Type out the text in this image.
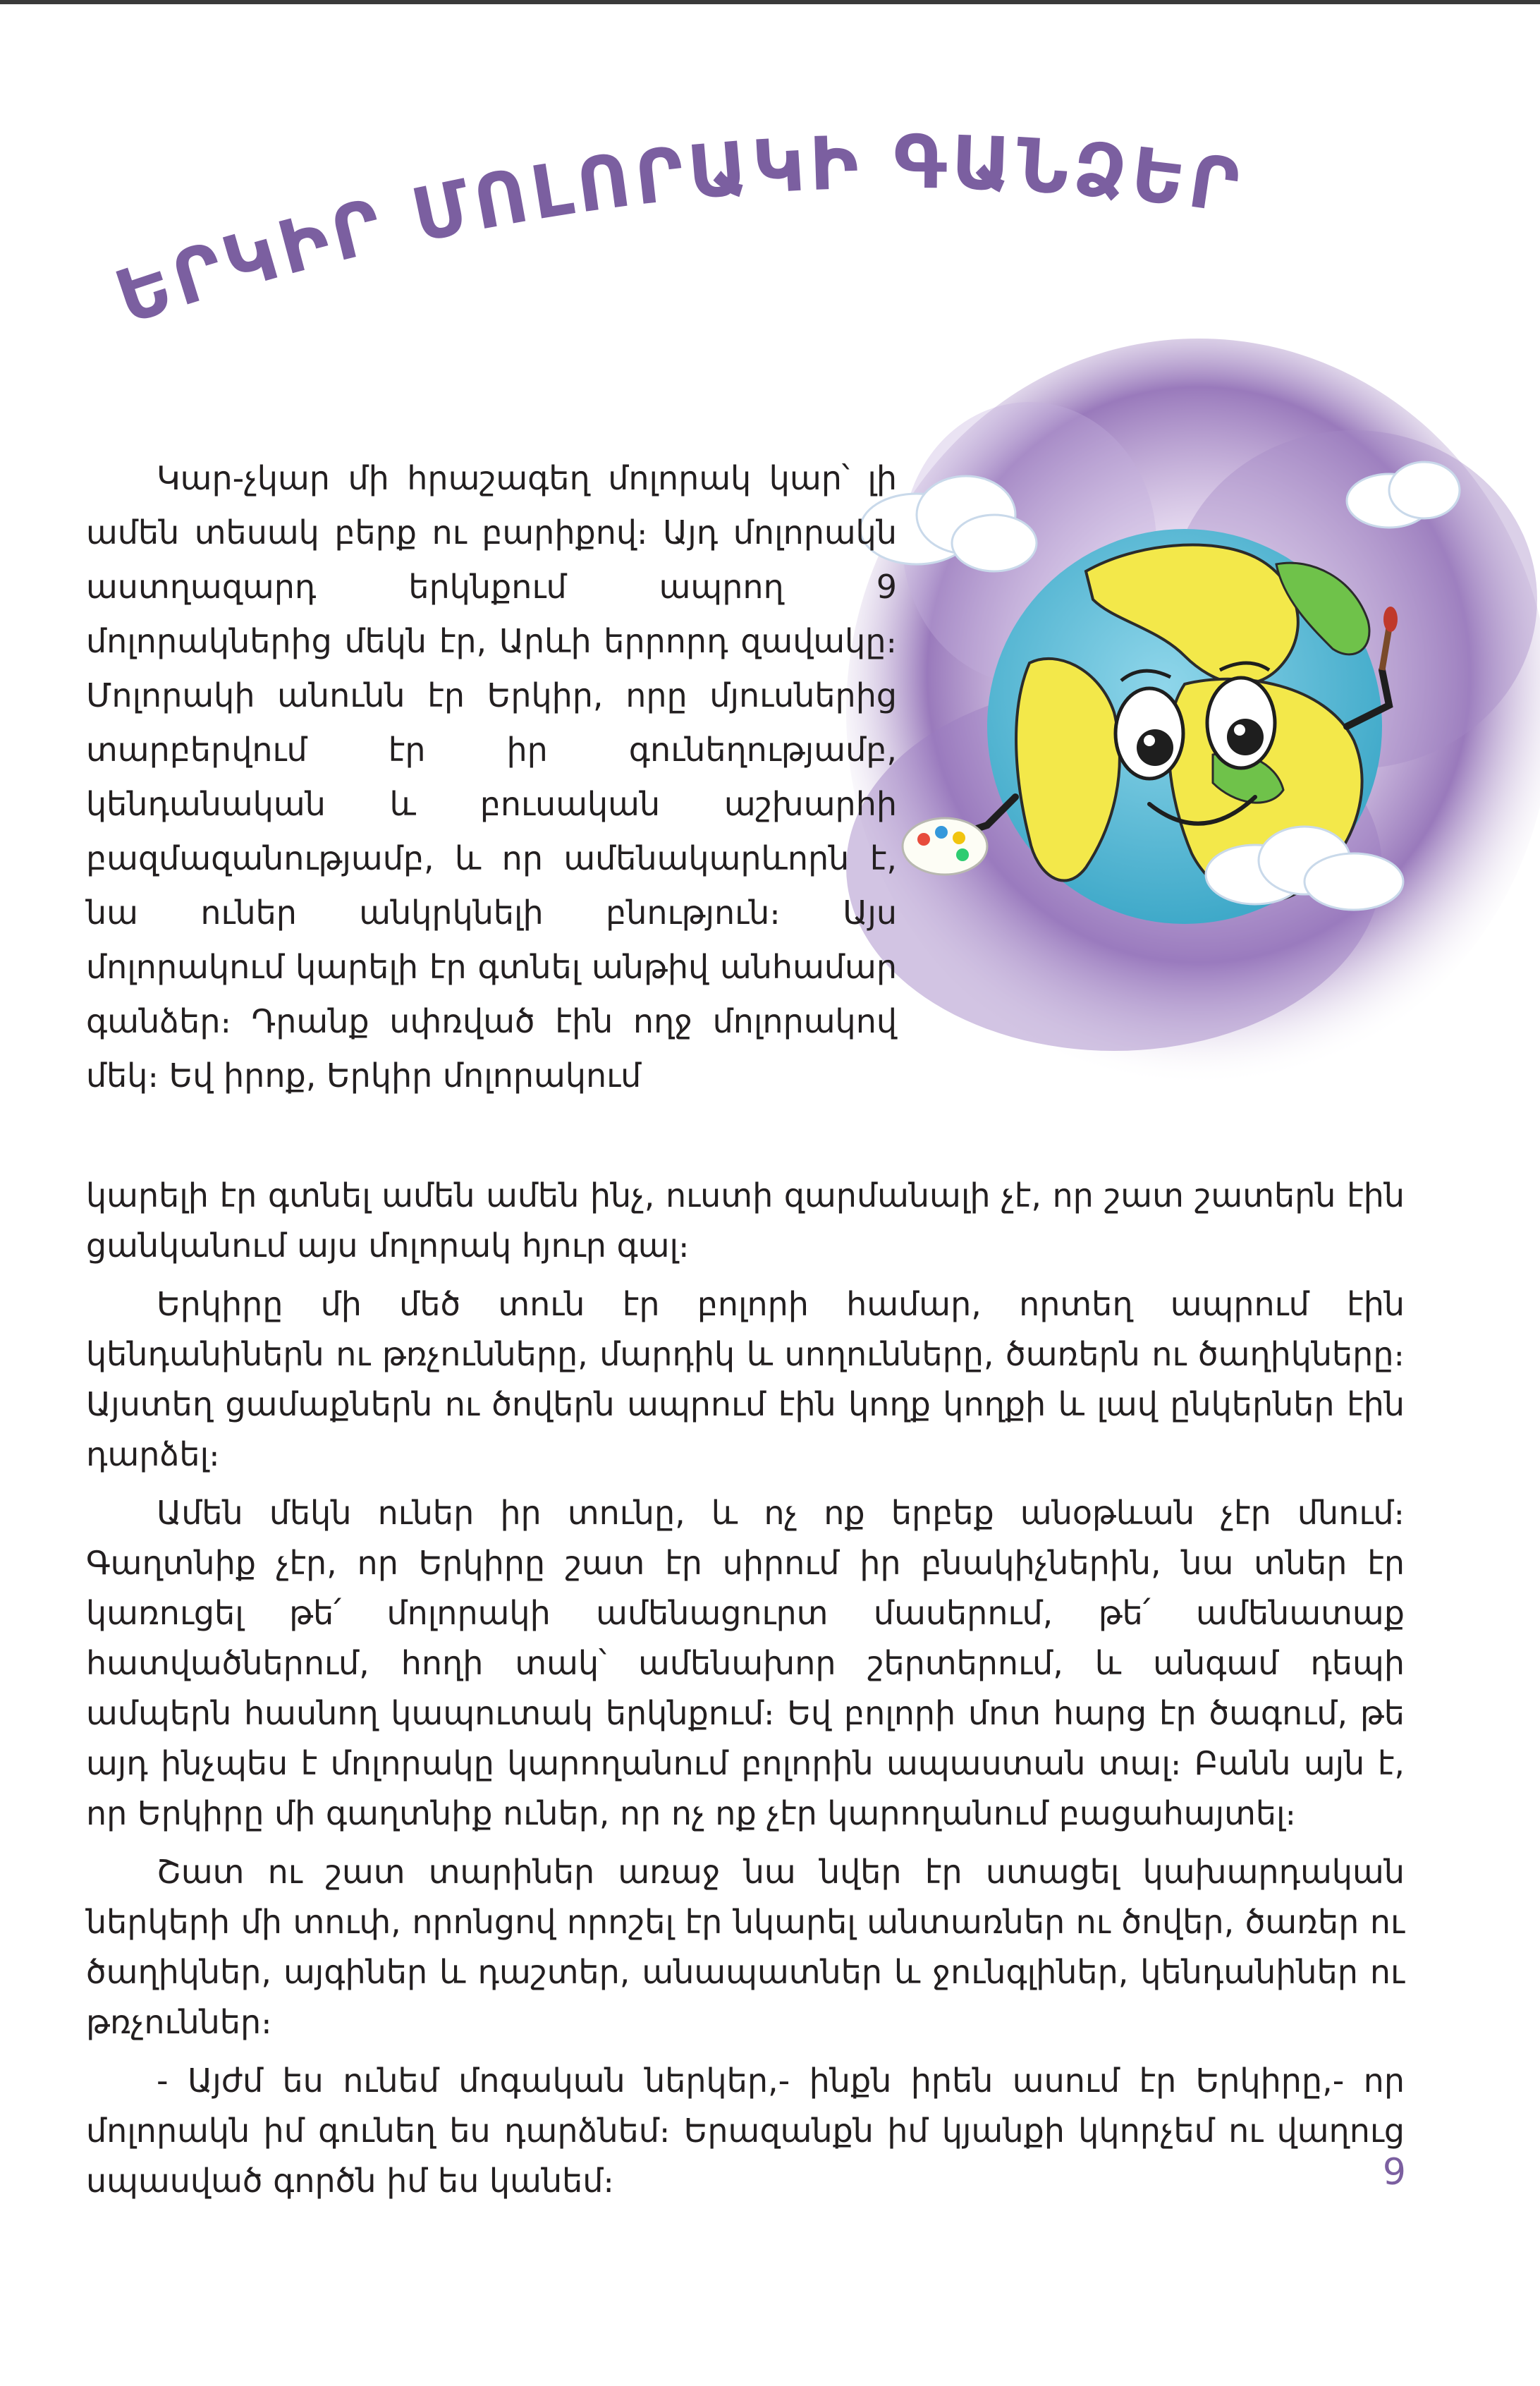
ԵՐԿԻՐ ՄՈԼՈՐԱԿԻ ԳԱՆՁԵՐԸ

Կար-չկար մի հրաշագեղ մոլորակ կար՝ լի ամեն տեսակ բերք ու բարիքով։ Այդ մոլորակն աստղազարդ երկնքում ապրող 9 մոլորակներից մեկն էր, Արևի երրորդ զավակը։ Մոլորակի անունն էր Երկիր, որը մյուսներից տարբերվում էր իր գունեղությամբ, կենդանական և բուսական աշխարհի բազմազանությամբ, և որ ամենակարևորն է, նա ուներ անկրկնելի բնություն։ Այս մոլորակում կարելի էր գտնել անթիվ անհամար գանձեր։ Դրանք սփռված էին ողջ մոլորակով մեկ։ Եվ իրոք, Երկիր մոլորակում

կարելի էր գտնել ամեն ամեն ինչ, ուստի զարմանալի չէ, որ շատ շատերն էին ցանկանում այս մոլորակ հյուր գալ։

Երկիրը մի մեծ տուն էր բոլորի համար, որտեղ ապրում էին կենդանիներն ու թռչունները, մարդիկ և սողունները, ծառերն ու ծաղիկները։ Այստեղ ցամաքներն ու ծովերն ապրում էին կողք կողքի և լավ ընկերներ էին դարձել։

Ամեն մեկն ուներ իր տունը, և ոչ ոք երբեք անօթևան չէր մնում։ Գաղտնիք չէր, որ Երկիրը շատ էր սիրում իր բնակիչներին, նա տներ էր կառուցել թե՛ մոլորակի ամենացուրտ մասերում, թե՛ ամենատաք հատվածներում, հողի տակ՝ ամենախոր շերտերում, և անգամ դեպի ամպերն հասնող կապուտակ երկնքում։ Եվ բոլորի մոտ հարց էր ծագում, թե այդ ինչպես է մոլորակը կարողանում բոլորին ապաստան տալ։ Բանն այն է, որ Երկիրը մի գաղտնիք ուներ, որ ոչ ոք չէր կարողանում բացահայտել։

Շատ ու շատ տարիներ առաջ նա նվեր էր ստացել կախարդական ներկերի մի տուփ, որոնցով որոշել էր նկարել անտառներ ու ծովեր, ծառեր ու ծաղիկներ, այգիներ և դաշտեր, անապատներ և ջունգլիներ, կենդանիներ ու թռչուններ։

- Այժմ ես ունեմ մոգական ներկեր,- ինքն իրեն ասում էր Երկիրը,- որ մոլորակն իմ գունեղ ես դարձնեմ։ Երազանքն իմ կյանքի կկորչեմ ու վաղուց սպասված գործն իմ ես կանեմ։	9
